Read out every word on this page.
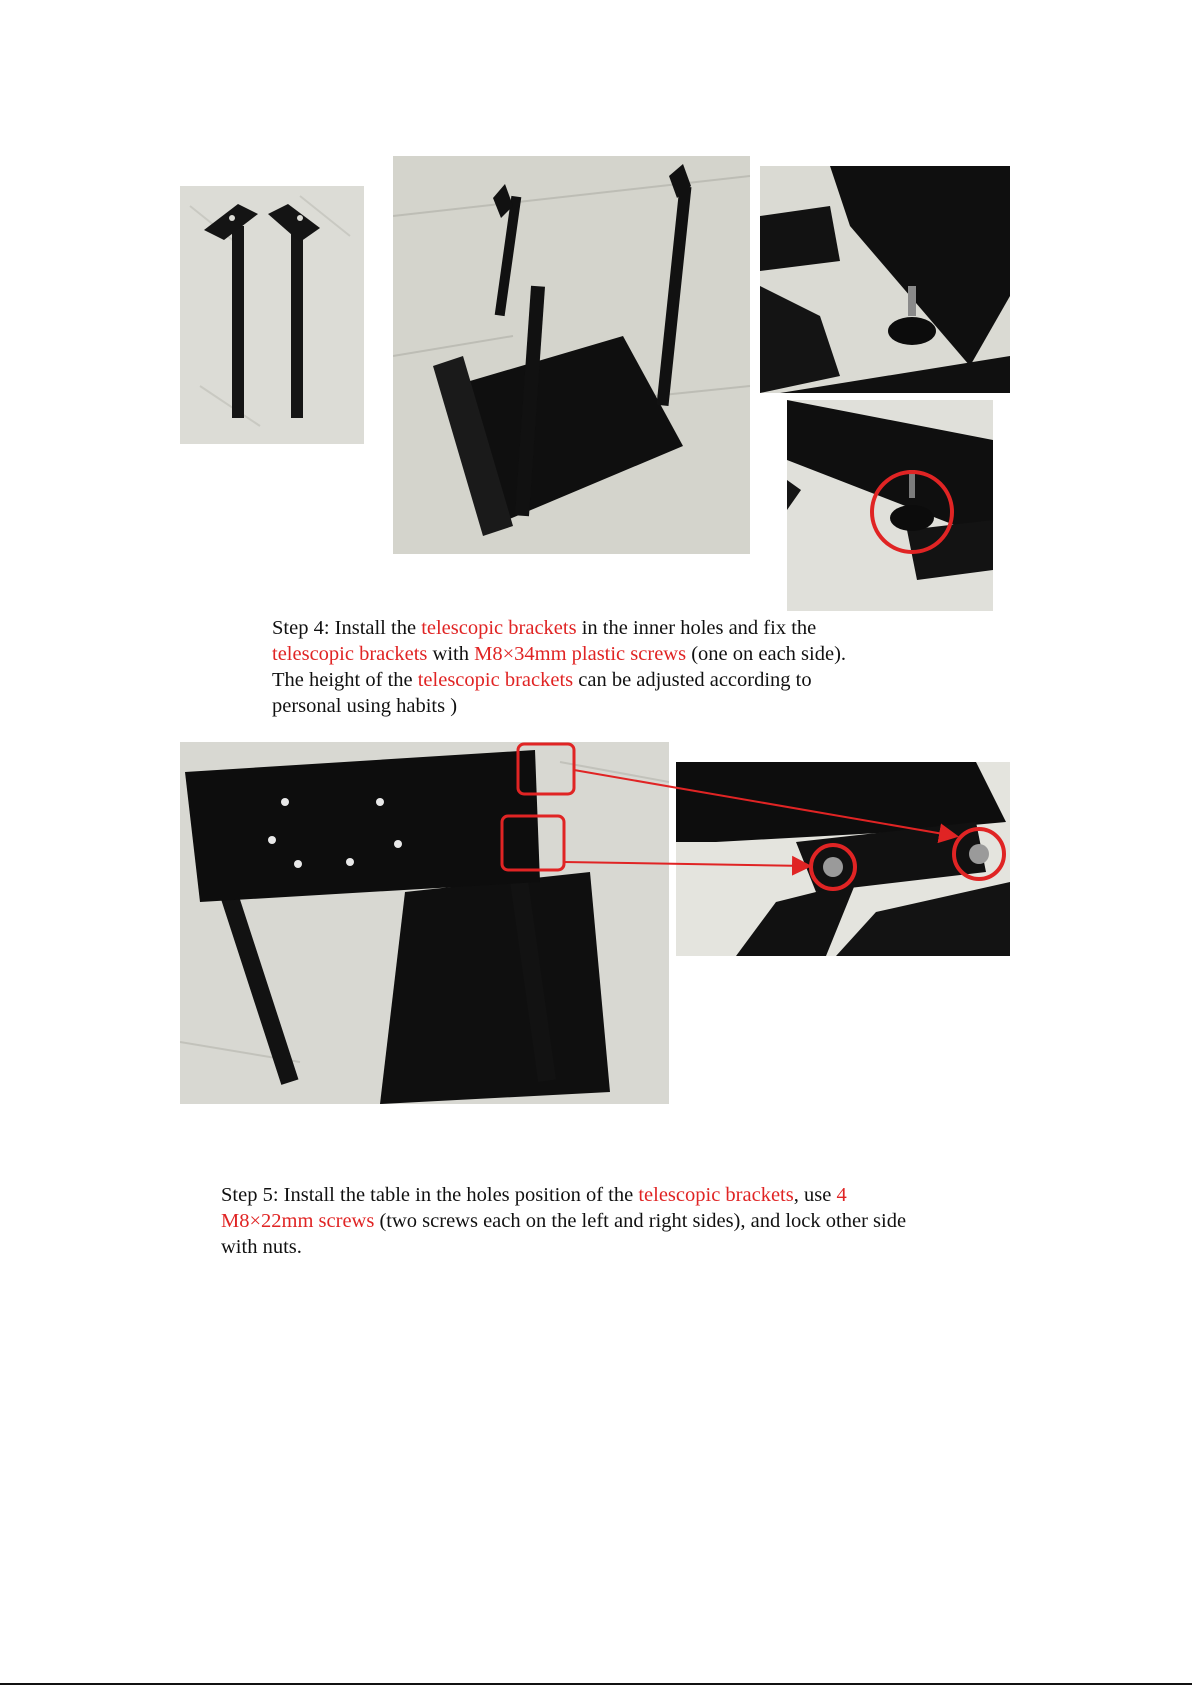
Step 4: Install the telescopic brackets in the inner holes and fix the

telescopic brackets with M8×34mm plastic screws (one on each side).

The height of the telescopic brackets can be adjusted according to

personal using habits )

Step 5: Install the table in the holes position of the telescopic brackets, use 4

M8×22mm screws (two screws each on the left and right sides), and lock other side

with nuts.
